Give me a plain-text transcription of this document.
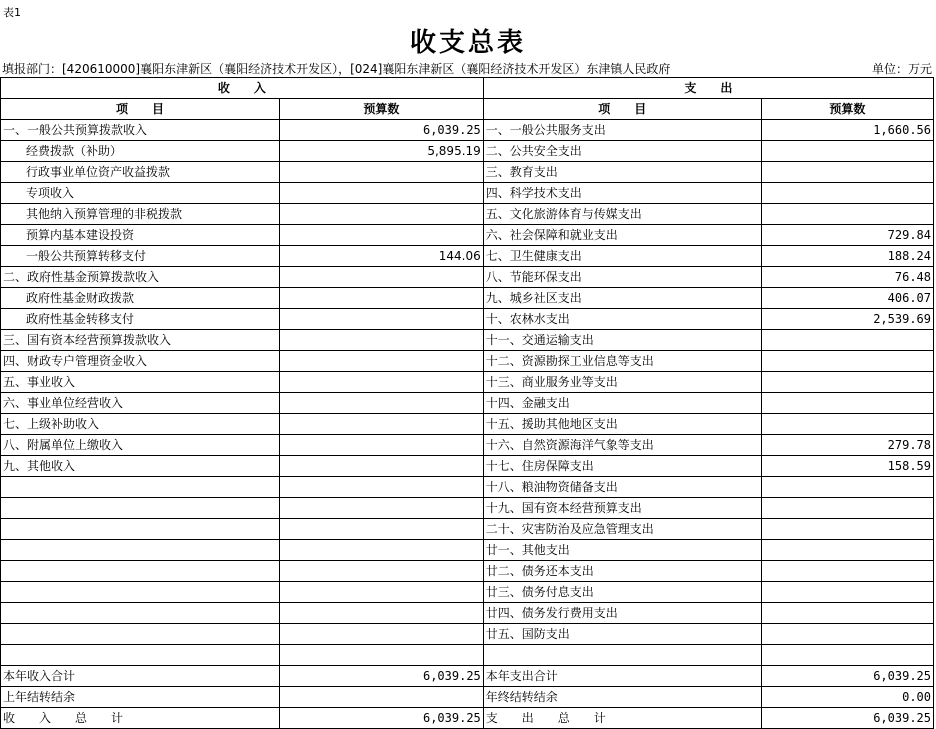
表1
收支总表
填报部门：[420610000]襄阳东津新区（襄阳经济技术开发区），[024]襄阳东津新区（襄阳经济技术开发区）东津镇人民政府	单位：万元
收　　入		支　　出	
项　　目	预算数	项　　目	预算数
一、一般公共预算拨款收入	6,039.25	一、一般公共服务支出	1,660.56
经费拨款（补助）	5,895.19	二、公共安全支出	
行政事业单位资产收益拨款		三、教育支出	
专项收入		四、科学技术支出	
其他纳入预算管理的非税拨款		五、文化旅游体育与传媒支出	
预算内基本建设投资		六、社会保障和就业支出	729.84
一般公共预算转移支付	144.06	七、卫生健康支出	188.24
二、政府性基金预算拨款收入		八、节能环保支出	76.48
政府性基金财政拨款		九、城乡社区支出	406.07
政府性基金转移支付		十、农林水支出	2,539.69
三、国有资本经营预算拨款收入		十一、交通运输支出	
四、财政专户管理资金收入		十二、资源勘探工业信息等支出	
五、事业收入		十三、商业服务业等支出	
六、事业单位经营收入		十四、金融支出	
七、上级补助收入		十五、援助其他地区支出	
八、附属单位上缴收入		十六、自然资源海洋气象等支出	279.78
九、其他收入		十七、住房保障支出	158.59
		十八、粮油物资储备支出	
		十九、国有资本经营预算支出	
		二十、灾害防治及应急管理支出	
		廿一、其他支出	
		廿二、债务还本支出	
		廿三、债务付息支出	
		廿四、债务发行费用支出	
		廿五、国防支出	

本年收入合计	6,039.25	本年支出合计	6,039.25
上年结转结余		年终结转结余	0.00
收　　入　　总　　计	6,039.25	支　　出　　总　　计	6,039.25
